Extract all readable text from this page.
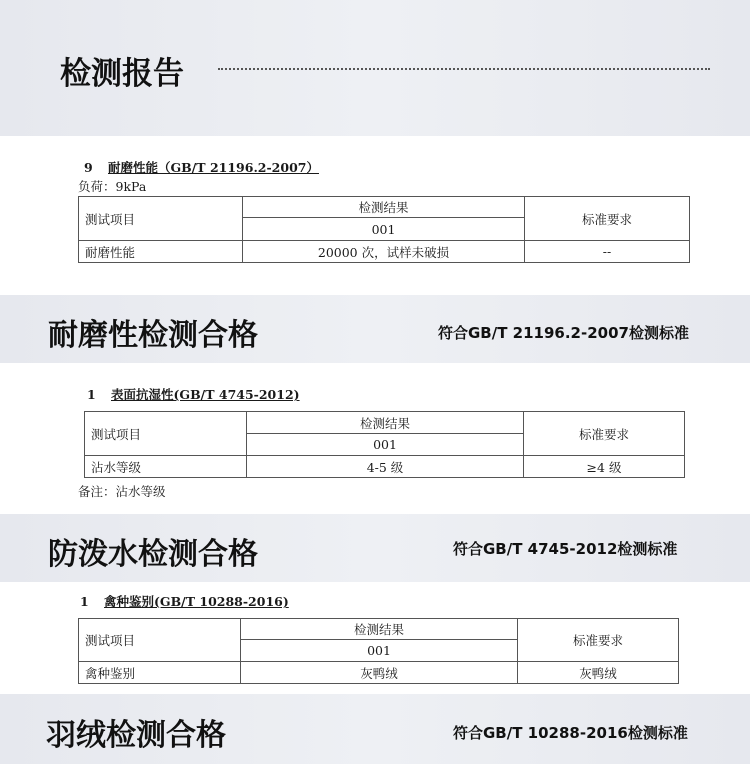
检测报告
9 耐磨性能（GB/T 21196.2-2007）
负荷：9kPa
测试项目	检测结果	标准要求
	001	
耐磨性能	20000 次，试样未破损	--
耐磨性检测合格	符合GB/T 21196.2-2007检测标准
1 表面抗湿性(GB/T 4745-2012)
测试项目	检测结果	标准要求
	001	
沾水等级	4-5 级	≥4 级
备注：沾水等级
防泼水检测合格	符合GB/T 4745-2012检测标准
1 禽种鉴别(GB/T 10288-2016)
测试项目	检测结果	标准要求
	001	
禽种鉴别	灰鸭绒	灰鸭绒
羽绒检测合格	符合GB/T 10288-2016检测标准
